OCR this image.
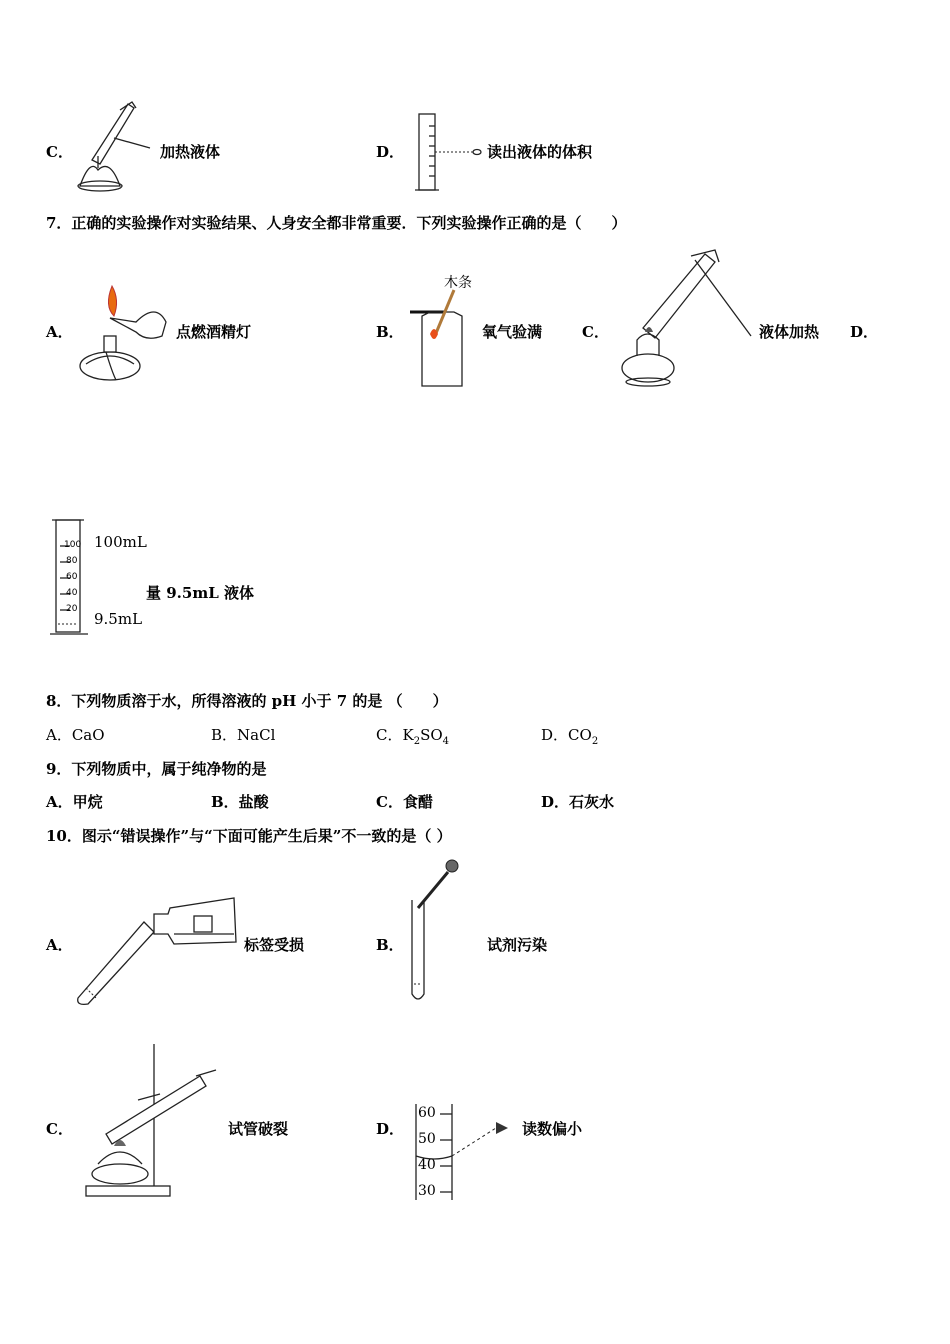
C．	加热液体	D．	读出液体的体积
7．正确的实验操作对实验结果、人身安全都非常重要．下列实验操作正确的是（　　）
A．	点燃酒精灯	B．
木条
氧气验满	C．	液体加热 D．
100
80
60
40
20
100mL
9.5mL
量 9.5mL 液体
8．下列物质溶于水，所得溶液的 pH 小于 7 的是 （　　）
A．CaO	B．NaCl	C．$K_2SO_4$	D．$CO_2$
9．下列物质中，属于纯净物的是
A．甲烷	B．盐酸	C．食醋	D．石灰水
10．图示“错误操作”与“下面可能产生后果”不一致的是（ ）
A．	标签受损	B．	试剂污染
C．	试管破裂	D．
60
50
40
30
读数偏小
